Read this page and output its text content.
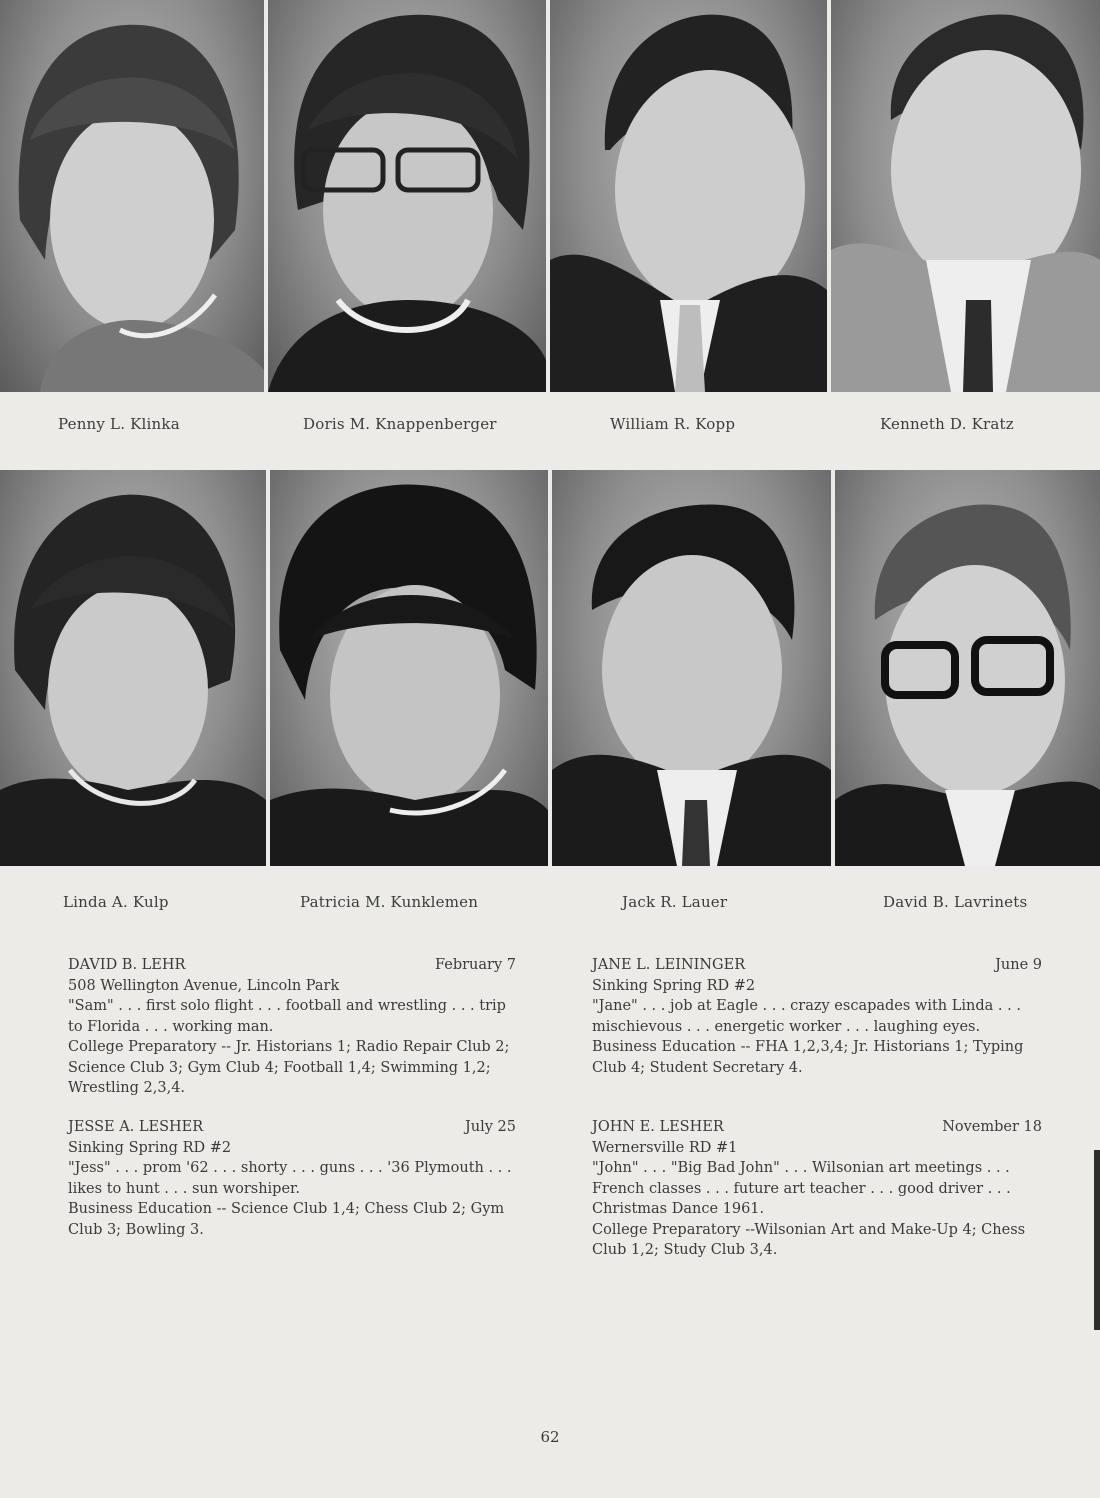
Penny L. Klinka	Doris M. Knappenberger	William R. Kopp	Kenneth D. Kratz
Linda A. Kulp	Patricia M. Kunklemen	Jack R. Lauer	David B. Lavrinets
DAVID B. LEHR	February 7

508 Wellington Avenue, Lincoln Park

"Sam" . . . first solo flight . . . football and wrestling . . . trip to Florida . . . working man.

College Preparatory -- Jr. Historians 1; Radio Repair Club 2; Science Club 3; Gym Club 4; Football 1,4; Swimming 1,2; Wrestling 2,3,4.

JANE L. LEININGER	June 9

Sinking Spring RD #2

"Jane" . . . job at Eagle . . . crazy escapades with Linda . . . mischievous . . . energetic worker . . . laughing eyes.

Business Education -- FHA 1,2,3,4; Jr. Historians 1; Typing Club 4; Student Secretary 4.

JESSE A. LESHER	July 25

Sinking Spring RD #2

"Jess" . . . prom '62 . . . shorty . . . guns . . . '36 Plymouth . . . likes to hunt . . . sun worshiper.

Business Education -- Science Club 1,4; Chess Club 2; Gym Club 3; Bowling 3.

JOHN E. LESHER	November 18

Wernersville RD #1

"John" . . . "Big Bad John" . . . Wilsonian art meetings . . . French classes . . . future art teacher . . . good driver . . . Christmas Dance 1961.

College Preparatory --Wilsonian Art and Make-Up 4; Chess Club 1,2; Study Club 3,4.

62
